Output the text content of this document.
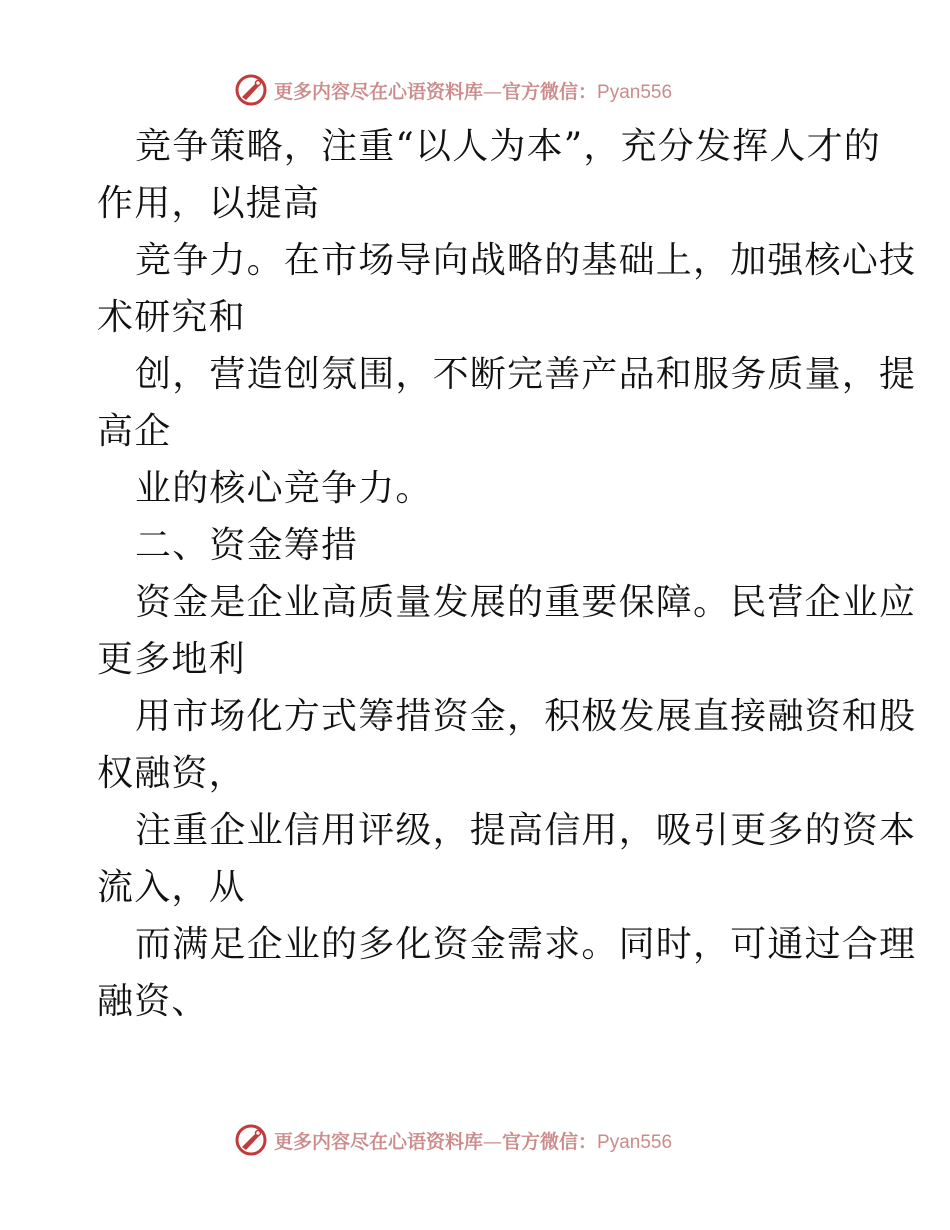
更多内容尽在心语资料库—官方微信：Pyan556
竞争策略，注重“以人为本”，充分发挥人才的
作用，以提高
竞争力。在市场导向战略的基础上，加强核心技
术研究和
创，营造创氛围，不断完善产品和服务质量，提
高企
业的核心竞争力。
二、资金筹措
资金是企业高质量发展的重要保障。民营企业应
更多地利
用市场化方式筹措资金，积极发展直接融资和股
权融资，
注重企业信用评级，提高信用，吸引更多的资本
流入，从
而满足企业的多化资金需求。同时，可通过合理
融资、
更多内容尽在心语资料库—官方微信：Pyan556
